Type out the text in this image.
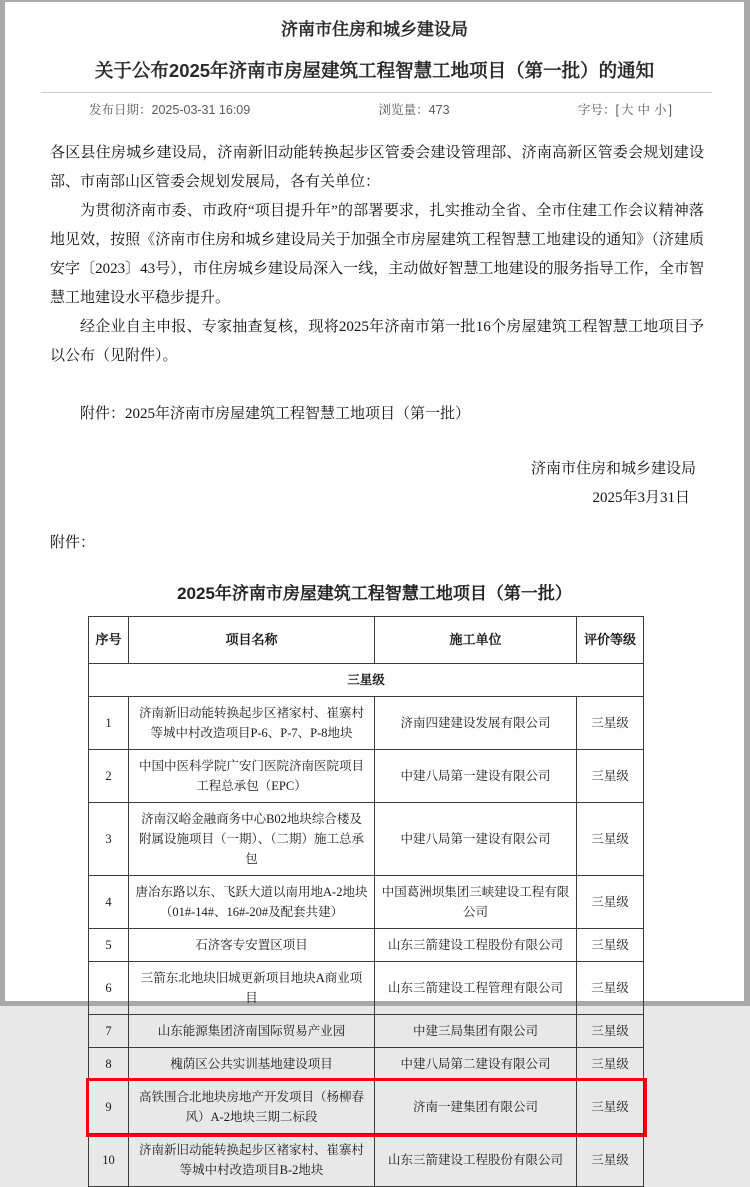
济南市住房和城乡建设局
关于公布2025年济南市房屋建筑工程智慧工地项目（第一批）的通知
发布日期：2025-03-31 16:09	浏览量：473	字号：[ 大 中 小 ]

各区县住房城乡建设局，济南新旧动能转换起步区管委会建设管理部、济南高新区管委会规划建设部、市南部山区管委会规划发展局，各有关单位：

为贯彻济南市委、市政府“项目提升年”的部署要求，扎实推动全省、全市住建工作会议精神落地见效，按照《济南市住房和城乡建设局关于加强全市房屋建筑工程智慧工地建设的通知》（济建质安字〔2023〕43号），市住房城乡建设局深入一线，主动做好智慧工地建设的服务指导工作，全市智慧工地建设水平稳步提升。

经企业自主申报、专家抽查复核，现将2025年济南市第一批16个房屋建筑工程智慧工地项目予以公布（见附件）。

附件：2025年济南市房屋建筑工程智慧工地项目（第一批）

济南市住房和城乡建设局
2025年3月31日

附件：

2025年济南市房屋建筑工程智慧工地项目（第一批）
序号	项目名称	施工单位	评价等级
三星级			
1	济南新旧动能转换起步区褚家村、崔寨村等城中村改造项目P-6、P-7、P-8地块	济南四建建设发展有限公司	三星级
2	中国中医科学院广安门医院济南医院项目工程总承包（EPC）	中建八局第一建设有限公司	三星级
3	济南汉峪金融商务中心B02地块综合楼及附属设施项目（一期）、（二期）施工总承包	中建八局第一建设有限公司	三星级
4	唐冶东路以东、飞跃大道以南用地A-2地块（01#-14#、16#-20#及配套共建）	中国葛洲坝集团三峡建设工程有限公司	三星级
5	石济客专安置区项目	山东三箭建设工程股份有限公司	三星级
6	三箭东北地块旧城更新项目地块A商业项目	山东三箭建设工程管理有限公司	三星级
7	山东能源集团济南国际贸易产业园	中建三局集团有限公司	三星级
8	槐荫区公共实训基地建设项目	中建八局第二建设有限公司	三星级
9	高铁围合北地块房地产开发项目（杨柳春风）A-2地块三期二标段	济南一建集团有限公司	三星级
10	济南新旧动能转换起步区褚家村、崔寨村等城中村改造项目B-2地块	山东三箭建设工程股份有限公司	三星级
